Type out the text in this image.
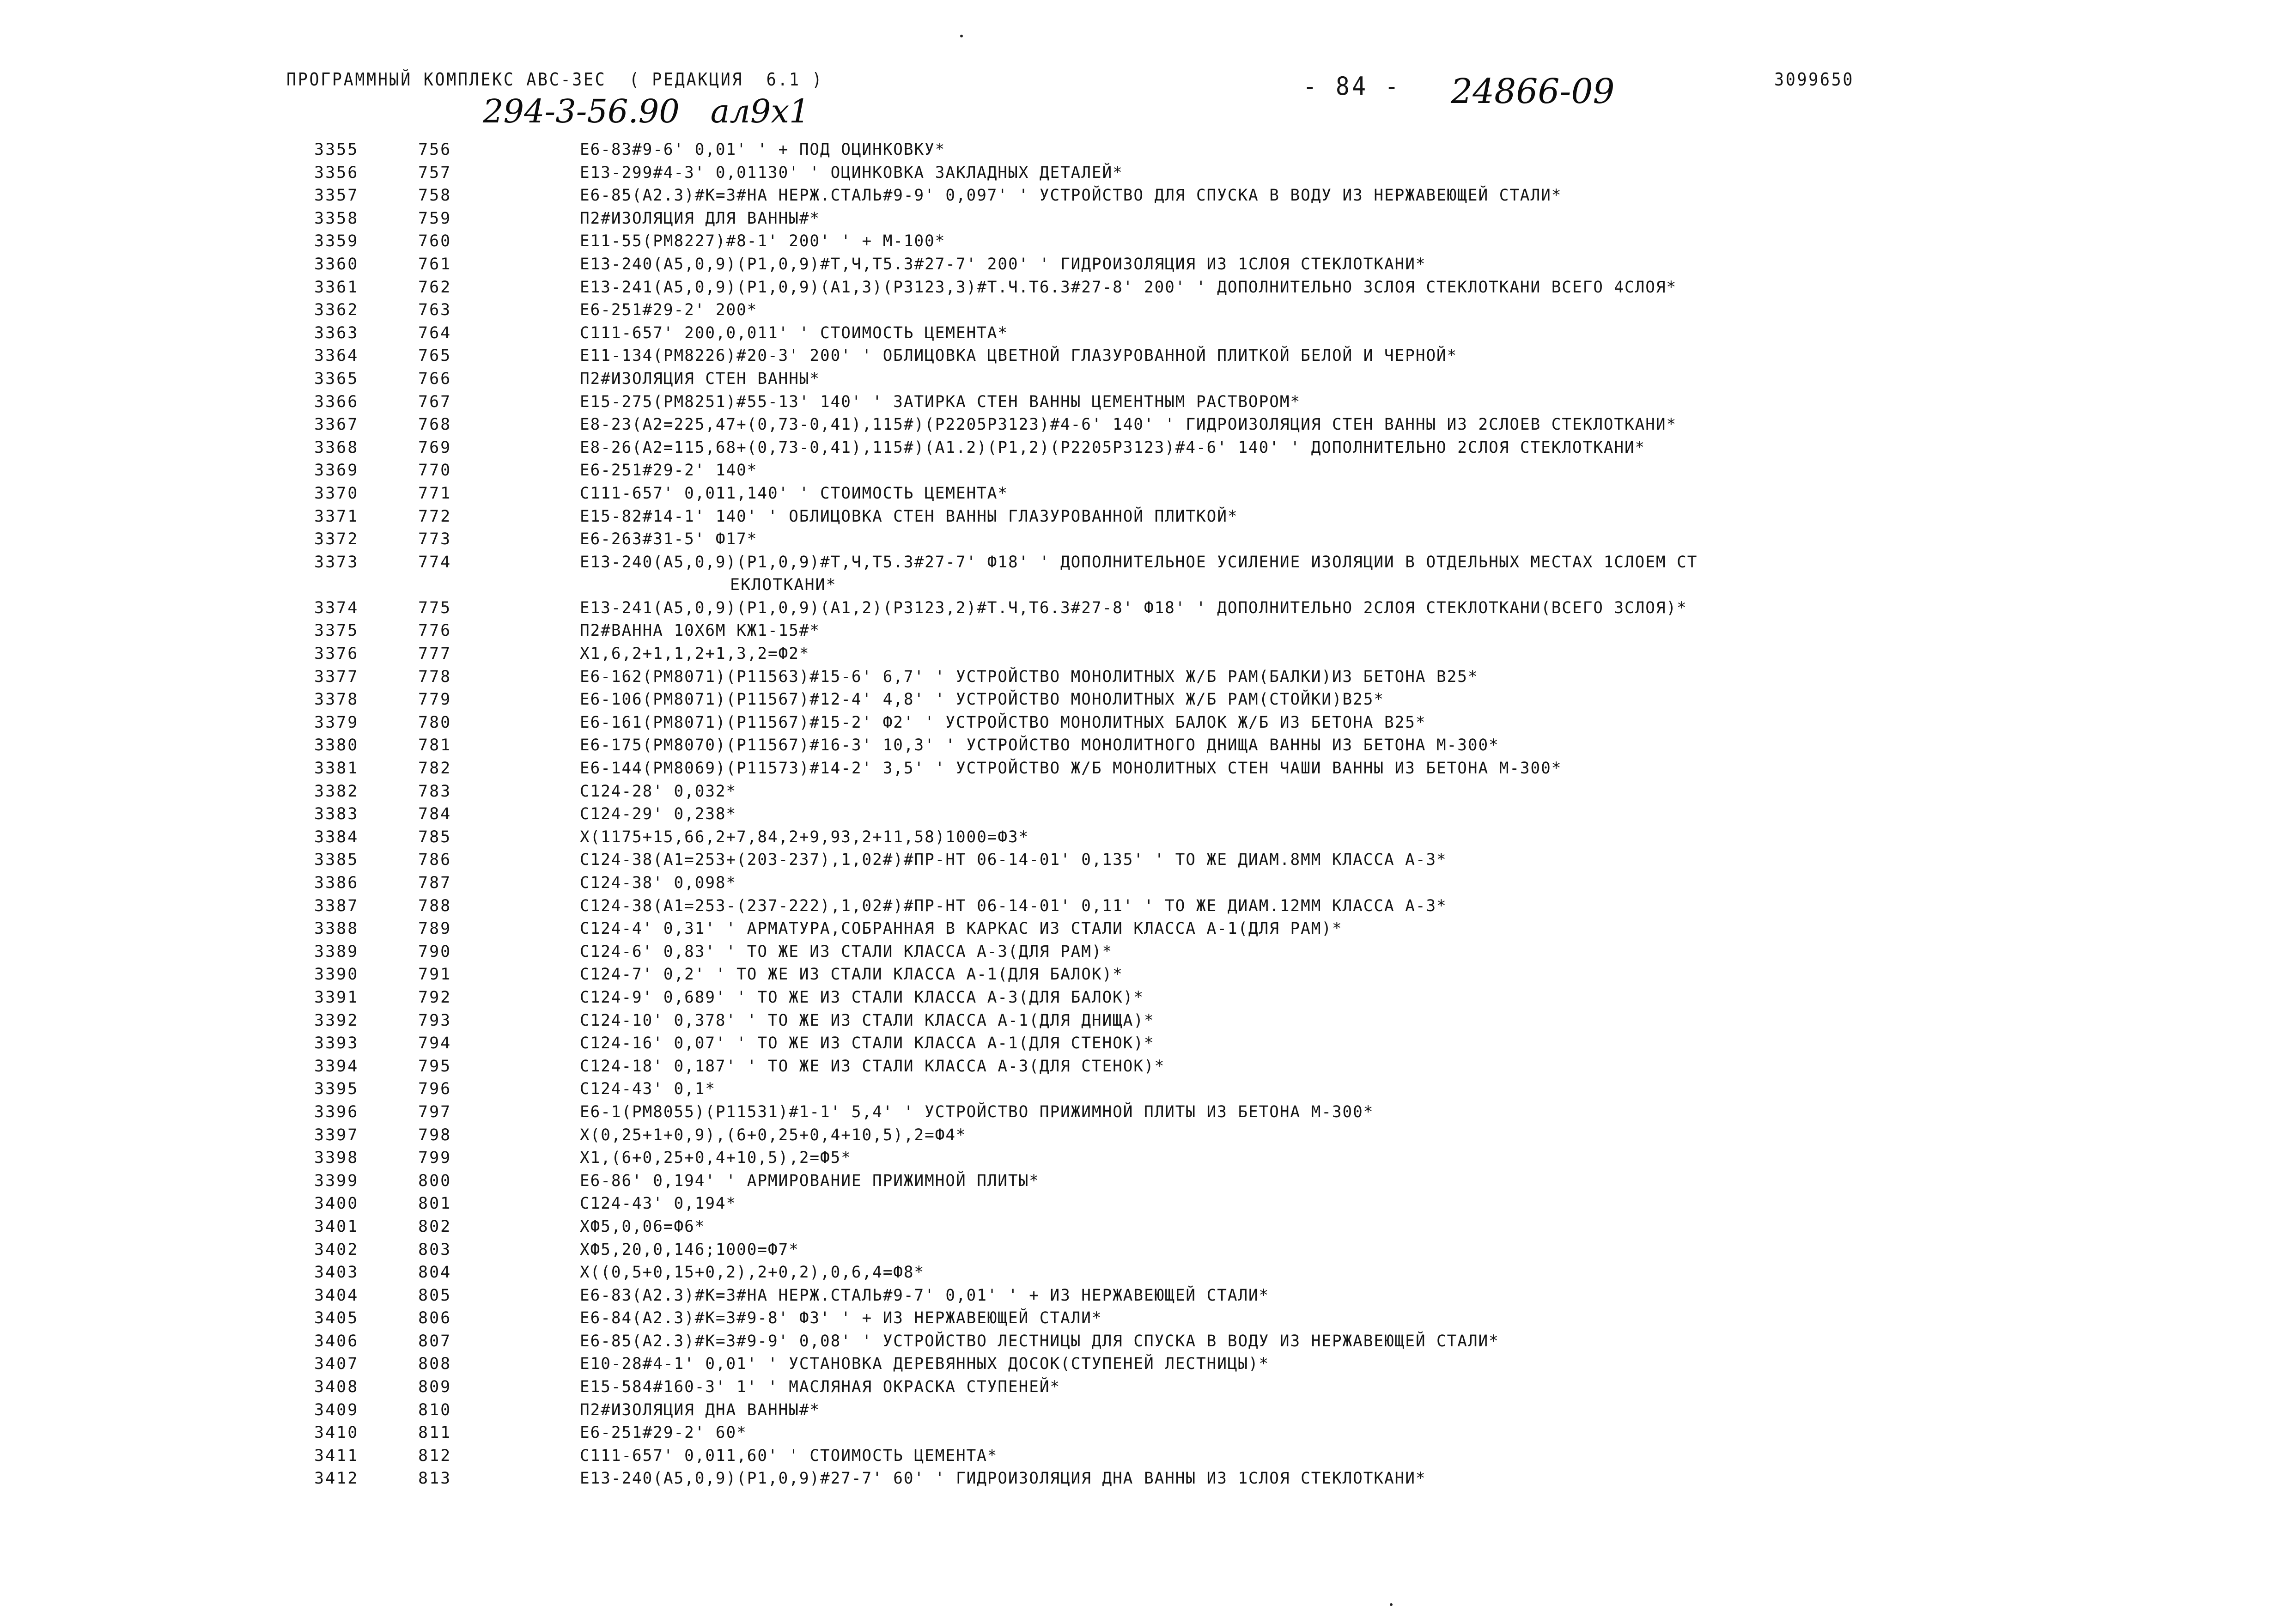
ПРОГРАММНЫЙ КОМПЛЕКС АВС-3ЕС  ( РЕДАКЦИЯ  6.1 )	- 84 - 24866-09	3099650
294-3-56.90   ал9х1
3355	756	Е6-83#9-6' 0,01' ' + ПОД ОЦИНКОВКУ*
3356	757	Е13-299#4-3' 0,01130' ' ОЦИНКОВКА ЗАКЛАДНЫХ ДЕТАЛЕЙ*
3357	758	Е6-85(А2.3)#К=3#НА НЕРЖ.СТАЛЬ#9-9' 0,097' ' УСТРОЙСТВО ДЛЯ СПУСКА В ВОДУ ИЗ НЕРЖАВЕЮЩЕЙ СТАЛИ*
3358	759	П2#ИЗОЛЯЦИЯ ДЛЯ ВАННЫ#*
3359	760	Е11-55(РМ8227)#8-1' 200' ' + М-100*
3360	761	Е13-240(А5,0,9)(Р1,0,9)#Т,Ч,Т5.3#27-7' 200' ' ГИДРОИЗОЛЯЦИЯ ИЗ 1СЛОЯ СТЕКЛОТКАНИ*
3361	762	Е13-241(А5,0,9)(Р1,0,9)(А1,3)(Р3123,3)#Т.Ч.Т6.3#27-8' 200' ' ДОПОЛНИТЕЛЬНО 3СЛОЯ СТЕКЛОТКАНИ ВСЕГО 4СЛОЯ*
3362	763	Е6-251#29-2' 200*
3363	764	С111-657' 200,0,011' ' СТОИМОСТЬ ЦЕМЕНТА*
3364	765	Е11-134(РМ8226)#20-3' 200' ' ОБЛИЦОВКА ЦВЕТНОЙ ГЛАЗУРОВАННОЙ ПЛИТКОЙ БЕЛОЙ И ЧЕРНОЙ*
3365	766	П2#ИЗОЛЯЦИЯ СТЕН ВАННЫ*
3366	767	Е15-275(РМ8251)#55-13' 140' ' ЗАТИРКА СТЕН ВАННЫ ЦЕМЕНТНЫМ РАСТВОРОМ*
3367	768	Е8-23(А2=225,47+(0,73-0,41),115#)(Р2205Р3123)#4-6' 140' ' ГИДРОИЗОЛЯЦИЯ СТЕН ВАННЫ ИЗ 2СЛОЕВ СТЕКЛОТКАНИ*
3368	769	Е8-26(А2=115,68+(0,73-0,41),115#)(А1.2)(Р1,2)(Р2205Р3123)#4-6' 140' ' ДОПОЛНИТЕЛЬНО 2СЛОЯ СТЕКЛОТКАНИ*
3369	770	Е6-251#29-2' 140*
3370	771	С111-657' 0,011,140' ' СТОИМОСТЬ ЦЕМЕНТА*
3371	772	Е15-82#14-1' 140' ' ОБЛИЦОВКА СТЕН ВАННЫ ГЛАЗУРОВАННОЙ ПЛИТКОЙ*
3372	773	Е6-263#31-5' Ф17*
3373	774	Е13-240(А5,0,9)(Р1,0,9)#Т,Ч,Т5.3#27-7' Ф18' ' ДОПОЛНИТЕЛЬНОЕ УСИЛЕНИЕ ИЗОЛЯЦИИ В ОТДЕЛЬНЫХ МЕСТАХ 1СЛОЕМ СТ
ЕКЛОТКАНИ*
3374	775	Е13-241(А5,0,9)(Р1,0,9)(А1,2)(Р3123,2)#Т.Ч,Т6.3#27-8' Ф18' ' ДОПОЛНИТЕЛЬНО 2СЛОЯ СТЕКЛОТКАНИ(ВСЕГО 3СЛОЯ)*
3375	776	П2#ВАННА 10Х6М КЖ1-15#*
3376	777	Х1,6,2+1,1,2+1,3,2=Ф2*
3377	778	Е6-162(РМ8071)(Р11563)#15-6' 6,7' ' УСТРОЙСТВО МОНОЛИТНЫХ Ж/Б РАМ(БАЛКИ)ИЗ БЕТОНА В25*
3378	779	Е6-106(РМ8071)(Р11567)#12-4' 4,8' ' УСТРОЙСТВО МОНОЛИТНЫХ Ж/Б РАМ(СТОЙКИ)В25*
3379	780	Е6-161(РМ8071)(Р11567)#15-2' Ф2' ' УСТРОЙСТВО МОНОЛИТНЫХ БАЛОК Ж/Б ИЗ БЕТОНА В25*
3380	781	Е6-175(РМ8070)(Р11567)#16-3' 10,3' ' УСТРОЙСТВО МОНОЛИТНОГО ДНИЩА ВАННЫ ИЗ БЕТОНА М-300*
3381	782	Е6-144(РМ8069)(Р11573)#14-2' 3,5' ' УСТРОЙСТВО Ж/Б МОНОЛИТНЫХ СТЕН ЧАШИ ВАННЫ ИЗ БЕТОНА М-300*
3382	783	С124-28' 0,032*
3383	784	С124-29' 0,238*
3384	785	Х(1175+15,66,2+7,84,2+9,93,2+11,58)1000=Ф3*
3385	786	С124-38(А1=253+(203-237),1,02#)#ПР-НТ 06-14-01' 0,135' ' ТО ЖЕ ДИАМ.8ММ КЛАССА А-3*
3386	787	С124-38' 0,098*
3387	788	С124-38(А1=253-(237-222),1,02#)#ПР-НТ 06-14-01' 0,11' ' ТО ЖЕ ДИАМ.12ММ КЛАССА А-3*
3388	789	С124-4' 0,31' ' АРМАТУРА,СОБРАННАЯ В КАРКАС ИЗ СТАЛИ КЛАССА А-1(ДЛЯ РАМ)*
3389	790	С124-6' 0,83' ' ТО ЖЕ ИЗ СТАЛИ КЛАССА А-3(ДЛЯ РАМ)*
3390	791	С124-7' 0,2' ' ТО ЖЕ ИЗ СТАЛИ КЛАССА А-1(ДЛЯ БАЛОК)*
3391	792	С124-9' 0,689' ' ТО ЖЕ ИЗ СТАЛИ КЛАССА А-3(ДЛЯ БАЛОК)*
3392	793	С124-10' 0,378' ' ТО ЖЕ ИЗ СТАЛИ КЛАССА А-1(ДЛЯ ДНИЩА)*
3393	794	С124-16' 0,07' ' ТО ЖЕ ИЗ СТАЛИ КЛАССА А-1(ДЛЯ СТЕНОК)*
3394	795	С124-18' 0,187' ' ТО ЖЕ ИЗ СТАЛИ КЛАССА А-3(ДЛЯ СТЕНОК)*
3395	796	С124-43' 0,1*
3396	797	Е6-1(РМ8055)(Р11531)#1-1' 5,4' ' УСТРОЙСТВО ПРИЖИМНОЙ ПЛИТЫ ИЗ БЕТОНА М-300*
3397	798	Х(0,25+1+0,9),(6+0,25+0,4+10,5),2=Ф4*
3398	799	Х1,(6+0,25+0,4+10,5),2=Ф5*
3399	800	Е6-86' 0,194' ' АРМИРОВАНИЕ ПРИЖИМНОЙ ПЛИТЫ*
3400	801	С124-43' 0,194*
3401	802	ХФ5,0,06=Ф6*
3402	803	ХФ5,20,0,146;1000=Ф7*
3403	804	Х((0,5+0,15+0,2),2+0,2),0,6,4=Ф8*
3404	805	Е6-83(А2.3)#К=3#НА НЕРЖ.СТАЛЬ#9-7' 0,01' ' + ИЗ НЕРЖАВЕЮЩЕЙ СТАЛИ*
3405	806	Е6-84(А2.3)#К=3#9-8' Ф3' ' + ИЗ НЕРЖАВЕЮЩЕЙ СТАЛИ*
3406	807	Е6-85(А2.3)#К=3#9-9' 0,08' ' УСТРОЙСТВО ЛЕСТНИЦЫ ДЛЯ СПУСКА В ВОДУ ИЗ НЕРЖАВЕЮЩЕЙ СТАЛИ*
3407	808	Е10-28#4-1' 0,01' ' УСТАНОВКА ДЕРЕВЯННЫХ ДОСОК(СТУПЕНЕЙ ЛЕСТНИЦЫ)*
3408	809	Е15-584#160-3' 1' ' МАСЛЯНАЯ ОКРАСКА СТУПЕНЕЙ*
3409	810	П2#ИЗОЛЯЦИЯ ДНА ВАННЫ#*
3410	811	Е6-251#29-2' 60*
3411	812	С111-657' 0,011,60' ' СТОИМОСТЬ ЦЕМЕНТА*
3412	813	Е13-240(А5,0,9)(Р1,0,9)#27-7' 60' ' ГИДРОИЗОЛЯЦИЯ ДНА ВАННЫ ИЗ 1СЛОЯ СТЕКЛОТКАНИ*
